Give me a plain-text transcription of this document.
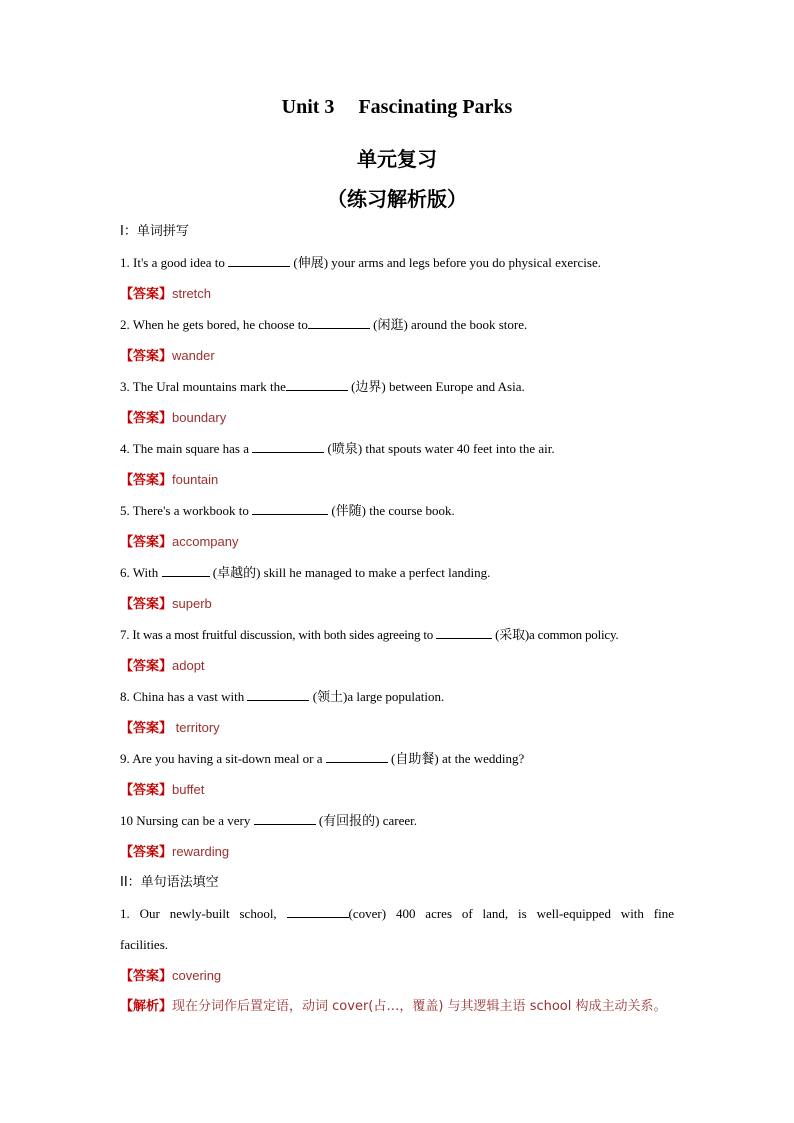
Unit 3 Fascinating Parks
单元复习
（练习解析版）
I：单词拼写
1. It's a good idea to	(伸展) your arms and legs before you do physical exercise.
【答案】stretch
2. When he gets bored, he choose to	(闲逛) around the book store.
【答案】wander
3. The Ural mountains mark the	(边界) between Europe and Asia.
【答案】boundary
4. The main square has a	(喷泉) that spouts water 40 feet into the air.
【答案】fountain
5. There's a workbook to	(伴随) the course book.
【答案】accompany
6. With	(卓越的) skill he managed to make a perfect landing.
【答案】superb
7. It was a most fruitful discussion, with both sides agreeing to	(采取)a common policy.
【答案】adopt
8. China has a vast with	(领土)a large population.
【答案】 territory
9. Are you having a sit-down meal or a	(自助餐) at the wedding?
【答案】buffet
10 Nursing can be a very	(有回报的) career.
【答案】rewarding
II：单句语法填空
1.  Our  newly-built  school,	(cover)  400  acres  of  land,  is  well-equipped  with  fine
facilities.
【答案】covering
【解析】现在分词作后置定语，动词 cover(占…，覆盖) 与其逻辑主语 school 构成主动关系。
